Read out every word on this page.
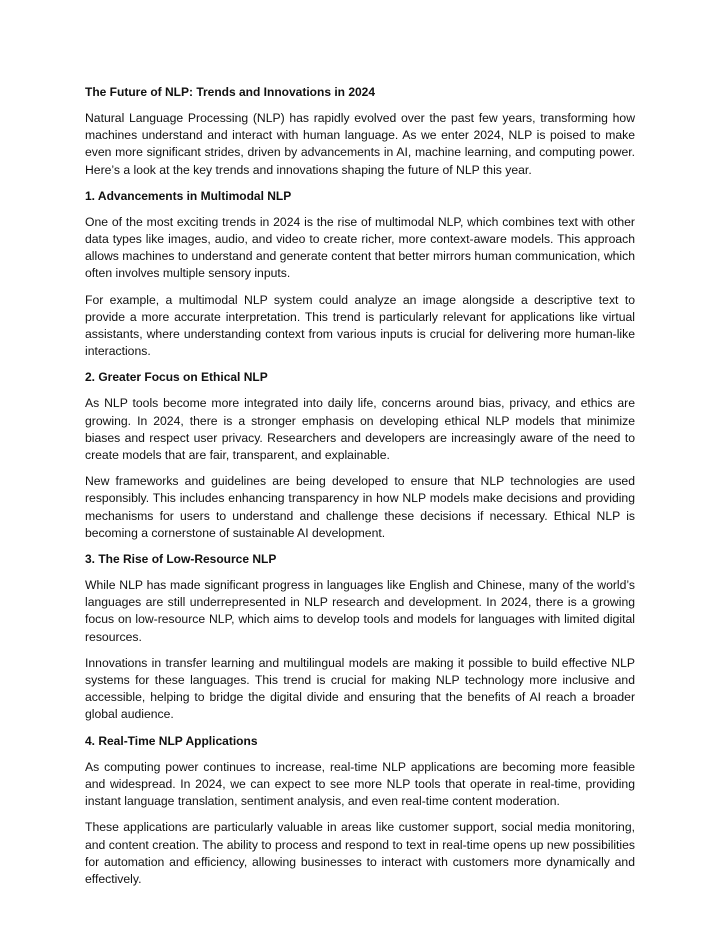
The Future of NLP: Trends and Innovations in 2024

Natural Language Processing (NLP) has rapidly evolved over the past few years, transforming how machines understand and interact with human language. As we enter 2024, NLP is poised to make even more significant strides, driven by advancements in AI, machine learning, and computing power. Here’s a look at the key trends and innovations shaping the future of NLP this year.

1. Advancements in Multimodal NLP

One of the most exciting trends in 2024 is the rise of multimodal NLP, which combines text with other data types like images, audio, and video to create richer, more context-aware models. This approach allows machines to understand and generate content that better mirrors human communication, which often involves multiple sensory inputs.

For example, a multimodal NLP system could analyze an image alongside a descriptive text to provide a more accurate interpretation. This trend is particularly relevant for applications like virtual assistants, where understanding context from various inputs is crucial for delivering more human-like interactions.

2. Greater Focus on Ethical NLP

As NLP tools become more integrated into daily life, concerns around bias, privacy, and ethics are growing. In 2024, there is a stronger emphasis on developing ethical NLP models that minimize biases and respect user privacy. Researchers and developers are increasingly aware of the need to create models that are fair, transparent, and explainable.

New frameworks and guidelines are being developed to ensure that NLP technologies are used responsibly. This includes enhancing transparency in how NLP models make decisions and providing mechanisms for users to understand and challenge these decisions if necessary. Ethical NLP is becoming a cornerstone of sustainable AI development.

3. The Rise of Low-Resource NLP

While NLP has made significant progress in languages like English and Chinese, many of the world’s languages are still underrepresented in NLP research and development. In 2024, there is a growing focus on low-resource NLP, which aims to develop tools and models for languages with limited digital resources.

Innovations in transfer learning and multilingual models are making it possible to build effective NLP systems for these languages. This trend is crucial for making NLP technology more inclusive and accessible, helping to bridge the digital divide and ensuring that the benefits of AI reach a broader global audience.

4. Real-Time NLP Applications

As computing power continues to increase, real-time NLP applications are becoming more feasible and widespread. In 2024, we can expect to see more NLP tools that operate in real-time, providing instant language translation, sentiment analysis, and even real-time content moderation.

These applications are particularly valuable in areas like customer support, social media monitoring, and content creation. The ability to process and respond to text in real-time opens up new possibilities for automation and efficiency, allowing businesses to interact with customers more dynamically and effectively.
